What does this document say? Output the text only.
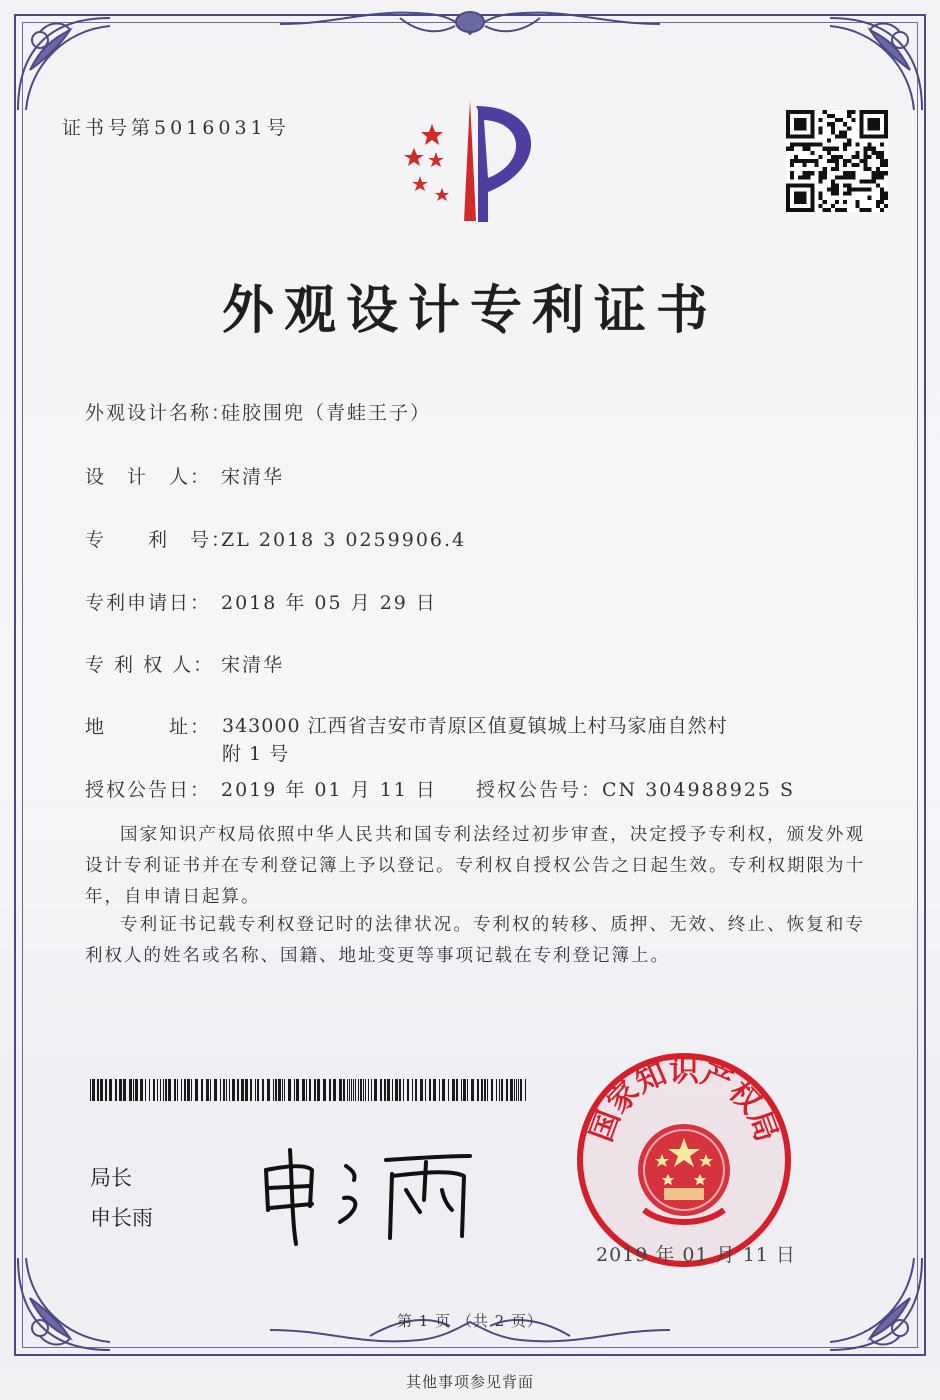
证书号第5016031号
外观设计专利证书
外观设计名称：硅胶围兜（青蛙王子）
设　计　人： 宋清华
专　　利　号：ZL 2018 3 0259906.4
专利申请日： 2018 年 05 月 29 日
专 利 权 人： 宋清华
地　　　址： 343000 江西省吉安市青原区值夏镇城上村马家庙自然村
附 1 号
授权公告日： 2019 年 01 月 11 日 授权公告号：CN 304988925 S
国家知识产权局依照中华人民共和国专利法经过初步审查，决定授予专利权，颁发外观设计专利证书并在专利登记簿上予以登记。专利权自授权公告之日起生效。专利权期限为十年，自申请日起算。
专利证书记载专利权登记时的法律状况。专利权的转移、质押、无效、终止、恢复和专利权人的姓名或名称、国籍、地址变更等事项记载在专利登记簿上。
局长
申长雨
国家知识产权局
2019 年 01 月 11 日
第 1 页 （共 2 页）
其他事项参见背面
